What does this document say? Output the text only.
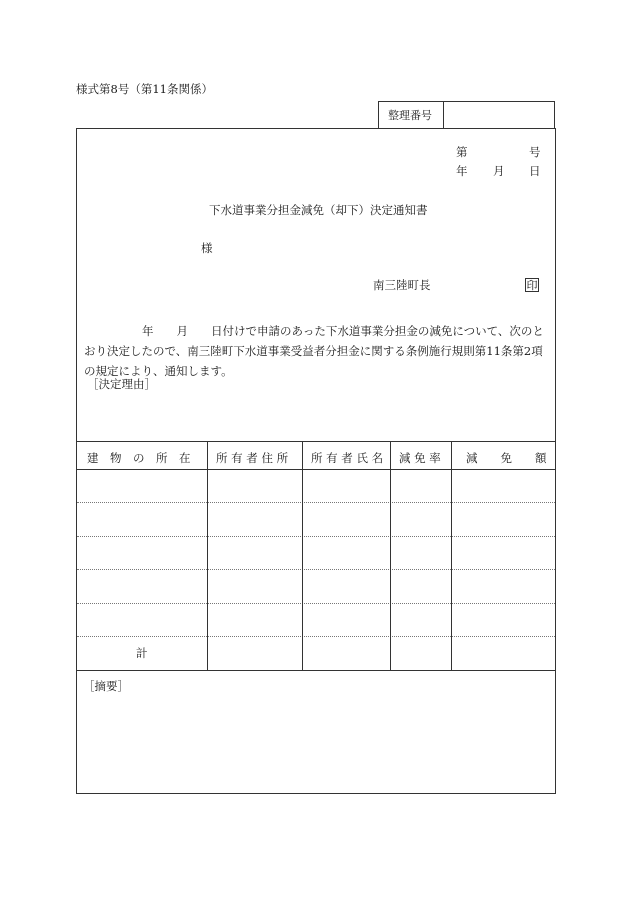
様式第8号（第11条関係）
整理番号
第	号
年 月 日
下水道事業分担金減免（却下）決定通知書
様
南三陸町長	印
年　　月　　日付けで申請のあった下水道事業分担金の減免について、次のと
おり決定したので、南三陸町下水道事業受益者分担金に関する条例施行規則第11条第2項
の規定により、通知します。
［決定理由］
建　物　の　所　在 所 有 者 住 所 所 有 者 氏 名 減 免 率 減　　免　　額
計
［摘要］
